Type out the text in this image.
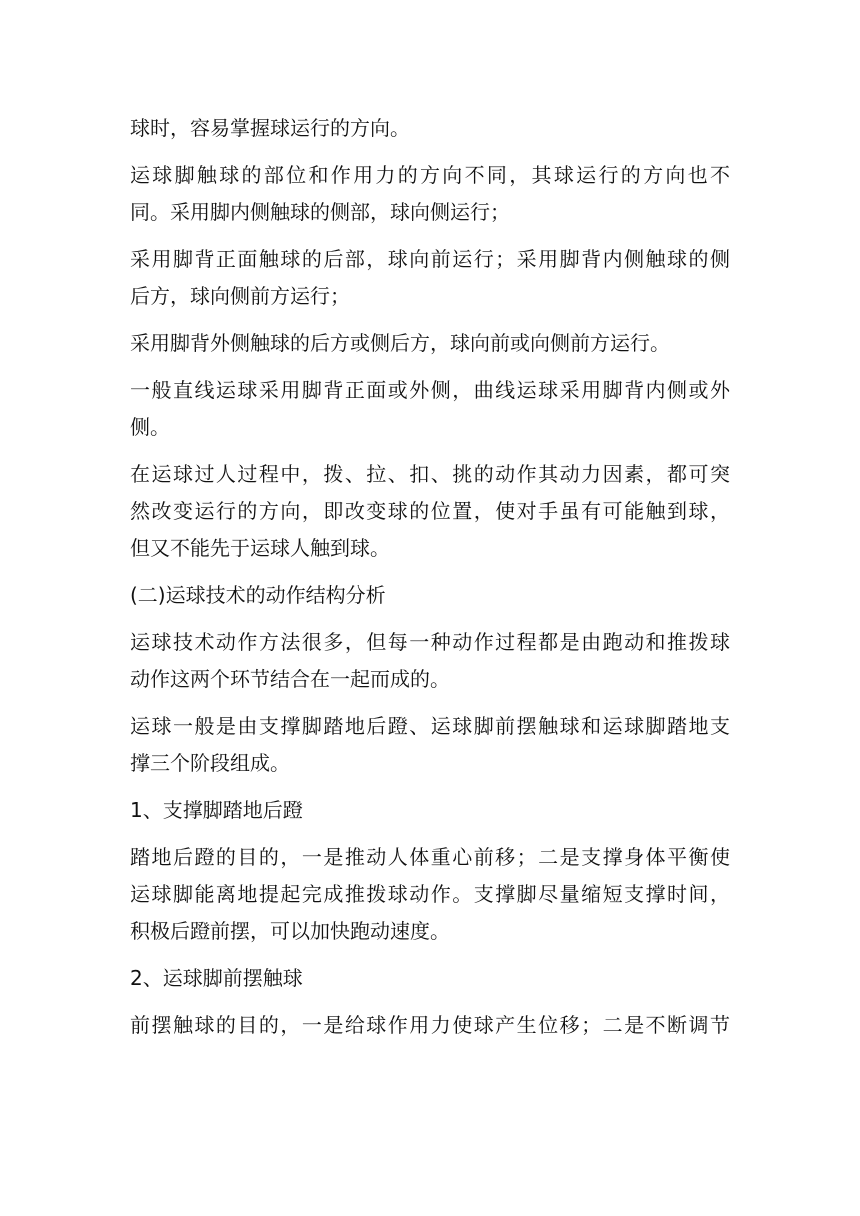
球时，容易掌握球运行的方向。
运球脚触球的部位和作用力的方向不同，其球运行的方向也不
同。采用脚内侧触球的侧部，球向侧运行；
采用脚背正面触球的后部，球向前运行；采用脚背内侧触球的侧
后方，球向侧前方运行；
采用脚背外侧触球的后方或侧后方，球向前或向侧前方运行。
一般直线运球采用脚背正面或外侧，曲线运球采用脚背内侧或外
侧。
在运球过人过程中，拨、拉、扣、挑的动作其动力因素，都可突
然改变运行的方向，即改变球的位置，使对手虽有可能触到球，
但又不能先于运球人触到球。
(二)运球技术的动作结构分析
运球技术动作方法很多，但每一种动作过程都是由跑动和推拨球
动作这两个环节结合在一起而成的。
运球一般是由支撑脚踏地后蹬、运球脚前摆触球和运球脚踏地支
撑三个阶段组成。
1、支撑脚踏地后蹬
踏地后蹬的目的，一是推动人体重心前移；二是支撑身体平衡使
运球脚能离地提起完成推拨球动作。支撑脚尽量缩短支撑时间，
积极后蹬前摆，可以加快跑动速度。
2、运球脚前摆触球
前摆触球的目的，一是给球作用力使球产生位移；二是不断调节
